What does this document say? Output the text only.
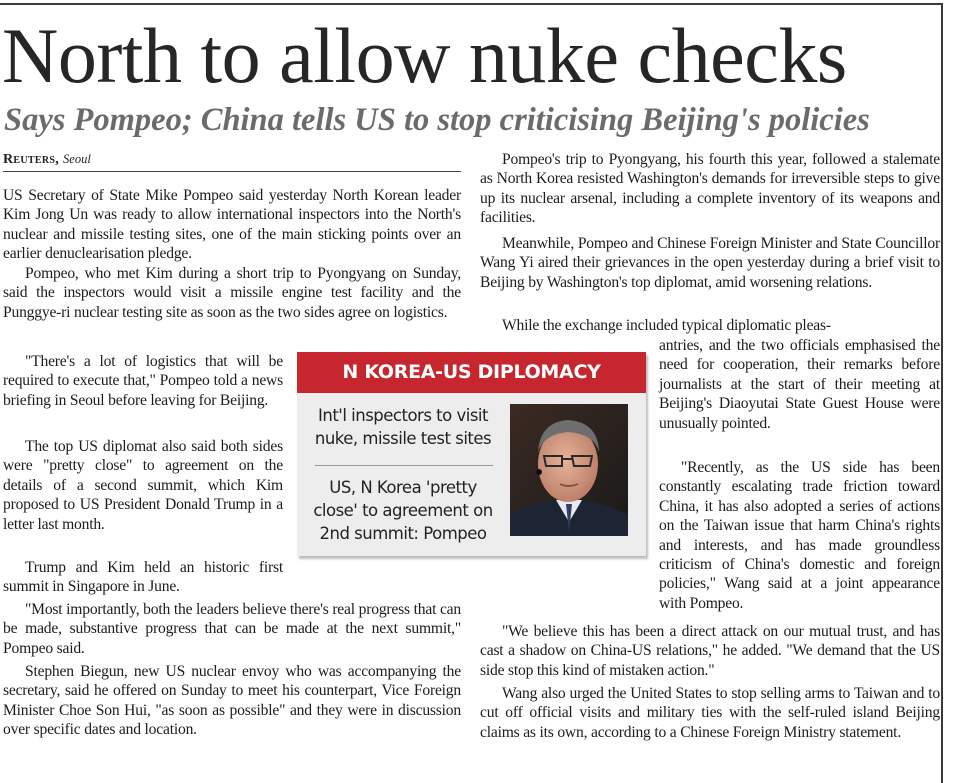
North to allow nuke checks
Says Pompeo; China tells US to stop criticising Beijing's policies
Reuters, Seoul

US Secretary of State Mike Pompeo said yesterday North Korean leader Kim Jong Un was ready to allow international inspectors into the North's nuclear and missile testing sites, one of the main sticking points over an earlier denuclearisation pledge.

Pompeo, who met Kim during a short trip to Pyongyang on Sunday, said the inspectors would visit a missile engine test facility and the Punggye-ri nuclear testing site as soon as the two sides agree on logistics.

"There's a lot of logistics that will be required to execute that," Pompeo told a news briefing in Seoul before leaving for Beijing.

The top US diplomat also said both sides were "pretty close" to agreement on the details of a second summit, which Kim proposed to US President Donald Trump in a letter last month.

Trump and Kim held an historic first summit in Singapore in June.

"Most importantly, both the leaders believe there's real progress that can be made, substantive progress that can be made at the next summit," Pompeo said.

Stephen Biegun, new US nuclear envoy who was accompanying the secretary, said he offered on Sunday to meet his counterpart, Vice Foreign Minister Choe Son Hui, "as soon as possible" and they were in discussion over specific dates and location.

Pompeo's trip to Pyongyang, his fourth this year, followed a stalemate as North Korea resisted Washington's demands for irreversible steps to give up its nuclear arsenal, including a complete inventory of its weapons and facilities.

Meanwhile, Pompeo and Chinese Foreign Minister and State Councillor Wang Yi aired their grievances in the open yesterday during a brief visit to Beijing by Washington's top diplomat, amid worsening relations.

While the exchange included typical diplomatic pleas-

antries, and the two officials emphasised the need for cooperation, their remarks before journalists at the start of their meeting at Beijing's Diaoyutai State Guest House were unusually pointed.

"Recently, as the US side has been constantly escalating trade friction toward China, it has also adopted a series of actions on the Taiwan issue that harm China's rights and interests, and has made groundless criticism of China's domestic and foreign policies," Wang said at a joint appearance with Pompeo.

"We believe this has been a direct attack on our mutual trust, and has cast a shadow on China-US relations," he added. "We demand that the US side stop this kind of mistaken action."

Wang also urged the United States to stop selling arms to Taiwan and to cut off official visits and military ties with the self-ruled island Beijing claims as its own, according to a Chinese Foreign Ministry statement.

N KOREA-US DIPLOMACY
Int'l inspectors to visit nuke, missile test sites
US, N Korea 'pretty close' to agreement on 2nd summit: Pompeo
